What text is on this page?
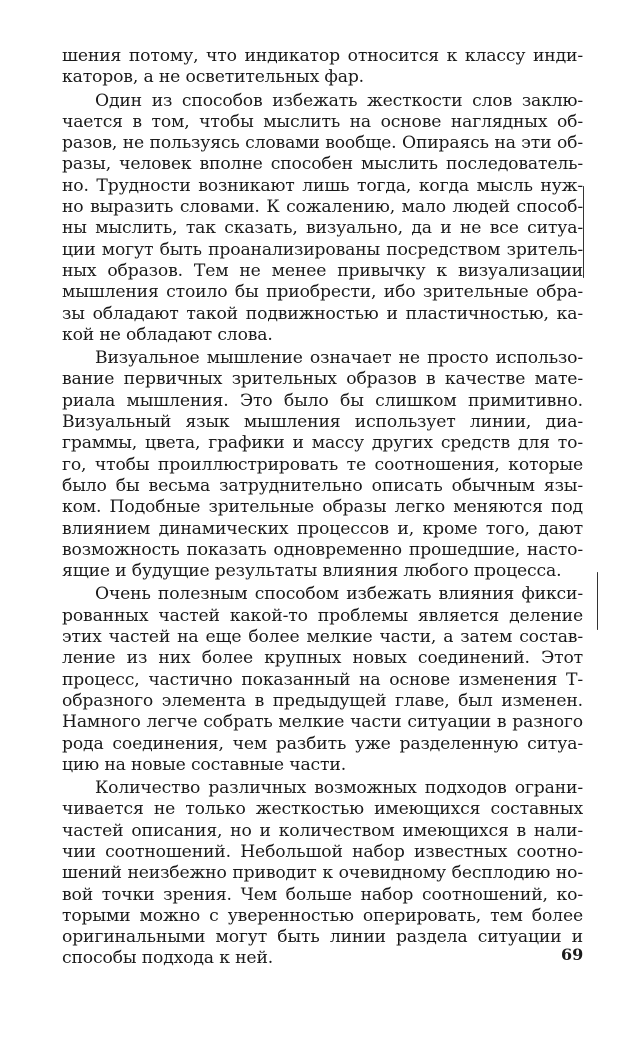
шения потому, что индикатор относится к классу инди-
каторов, а не осветительных фар.
Один из способов избежать жесткости слов заклю-
чается в том, чтобы мыслить на основе наглядных об-
разов, не пользуясь словами вообще. Опираясь на эти об-
разы, человек вполне способен мыслить последователь-
но. Трудности возникают лишь тогда, когда мысль нуж-
но выразить словами. К сожалению, мало людей способ-
ны мыслить, так сказать, визуально, да и не все ситуа-
ции могут быть проанализированы посредством зритель-
ных образов. Тем не менее привычку к визуализации
мышления стоило бы приобрести, ибо зрительные обра-
зы обладают такой подвижностью и пластичностью, ка-
кой не обладают слова.
Визуальное мышление означает не просто использо-
вание первичных зрительных образов в качестве мате-
риала мышления. Это было бы слишком примитивно.
Визуальный язык мышления использует линии, диа-
граммы, цвета, графики и массу других средств для то-
го, чтобы проиллюстрировать те соотношения, которые
было бы весьма затруднительно описать обычным язы-
ком. Подобные зрительные образы легко меняются под
влиянием динамических процессов и, кроме того, дают
возможность показать одновременно прошедшие, насто-
ящие и будущие результаты влияния любого процесса.
Очень полезным способом избежать влияния фикси-
рованных частей какой-то проблемы является деление
этих частей на еще более мелкие части, а затем состав-
ление из них более крупных новых соединений. Этот
процесс, частично показанный на основе изменения Т-
образного элемента в предыдущей главе, был изменен.
Намного легче собрать мелкие части ситуации в разного
рода соединения, чем разбить уже разделенную ситуа-
цию на новые составные части.
Количество различных возможных подходов ограни-
чивается не только жесткостью имеющихся составных
частей описания, но и количеством имеющихся в нали-
чии соотношений. Небольшой набор известных соотно-
шений неизбежно приводит к очевидному бесплодию но-
вой точки зрения. Чем больше набор соотношений, ко-
торыми можно с уверенностью оперировать, тем более
оригинальными могут быть линии раздела ситуации и
способы подхода к ней.	69
